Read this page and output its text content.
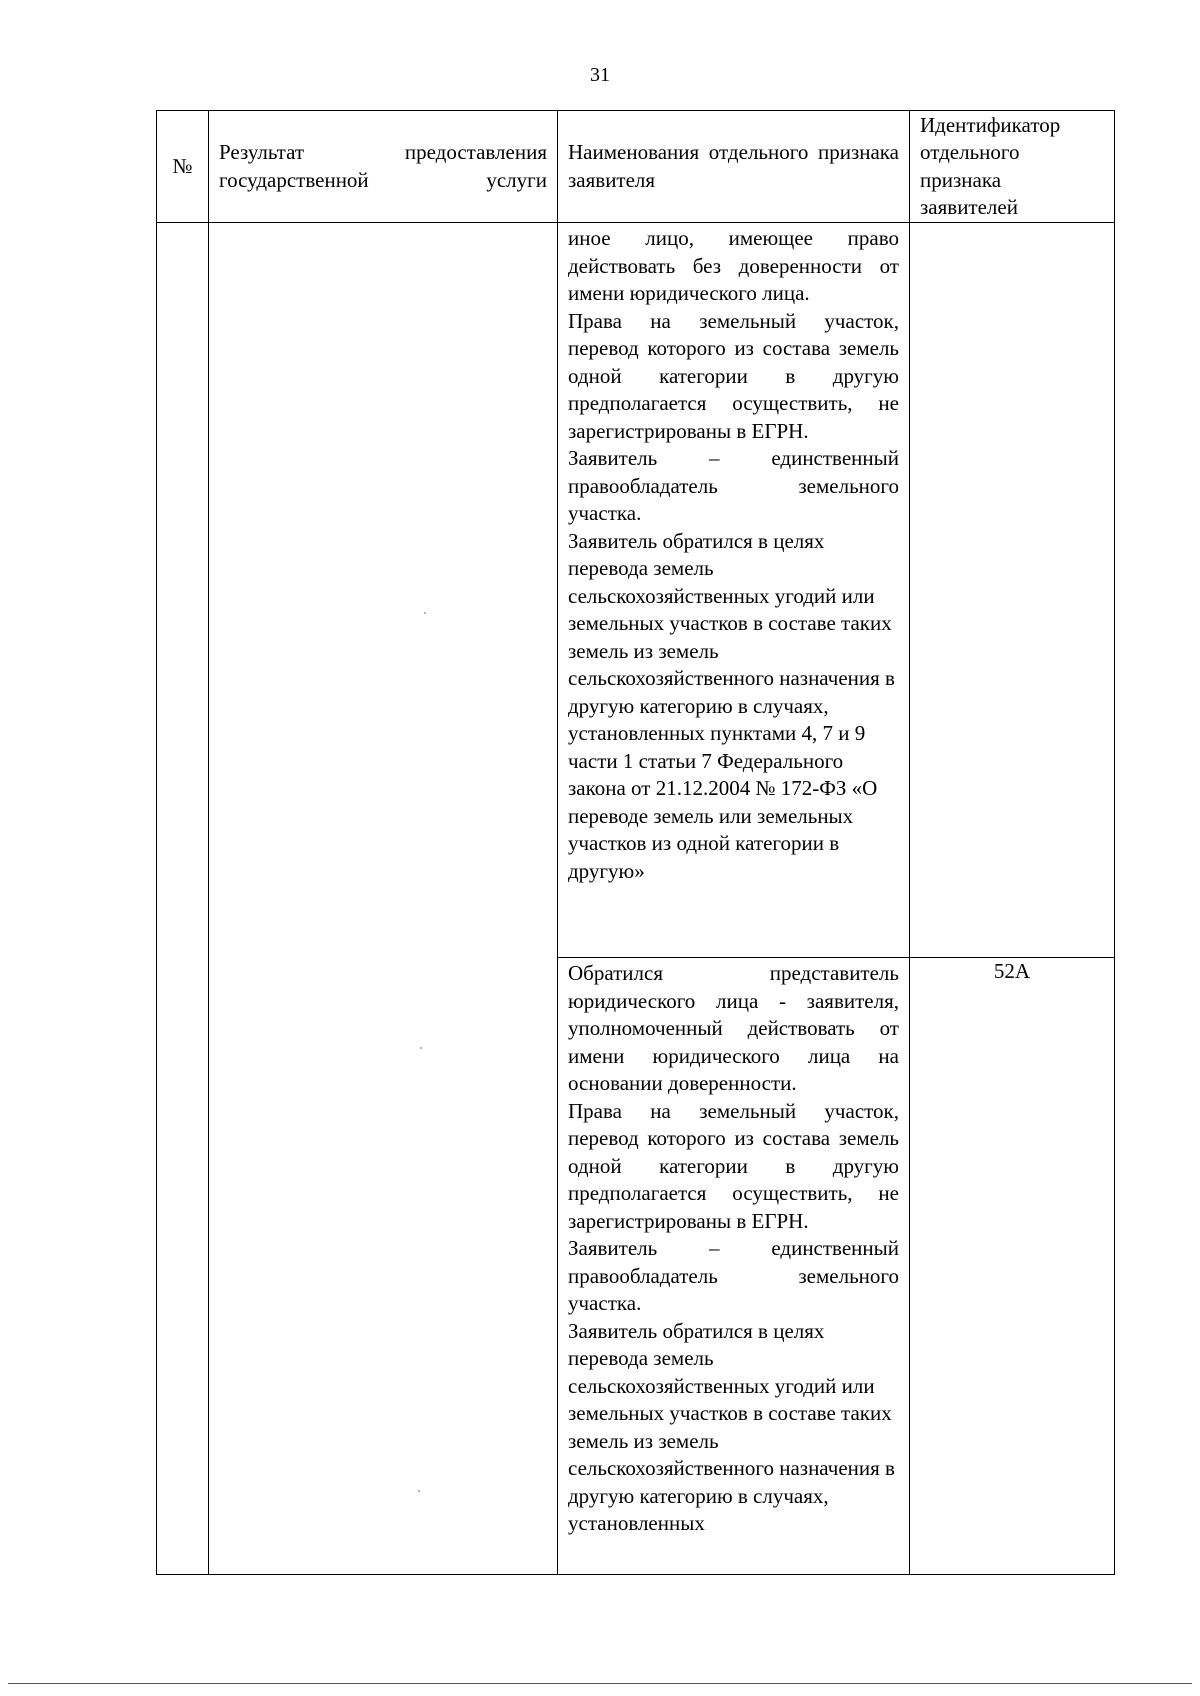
31
№	Результат предоставления государственной услуги	Наименования отдельного признака заявителя	Идентификатор отдельного признака заявителей

		иное лицо, имеющее право действовать без доверенности от имени юридического лица.

Права на земельный участок, перевод которого из состава земель одной категории в другую предполагается осуществить, не зарегистрированы в ЕГРН.

Заявитель – единственный правообладатель земельного участка.

Заявитель обратился в целях перевода земель сельскохозяйственных угодий или земельных участков в составе таких земель из земель сельскохозяйственного назначения в другую категорию в случаях, установленных пунктами 4, 7 и 9 части 1 статьи 7 Федерального закона от 21.12.2004 № 172-ФЗ «О переводе земель или земельных участков из одной категории в другую»	

		Обратился представитель юридического лица - заявителя, уполномоченный действовать от имени юридического лица на основании доверенности.

Права на земельный участок, перевод которого из состава земель одной категории в другую предполагается осуществить, не зарегистрированы в ЕГРН.

Заявитель – единственный правообладатель земельного участка.

Заявитель обратился в целях перевода земель сельскохозяйственных угодий или земельных участков в составе таких земель из земель сельскохозяйственного назначения в другую категорию в случаях, установленных	52А
